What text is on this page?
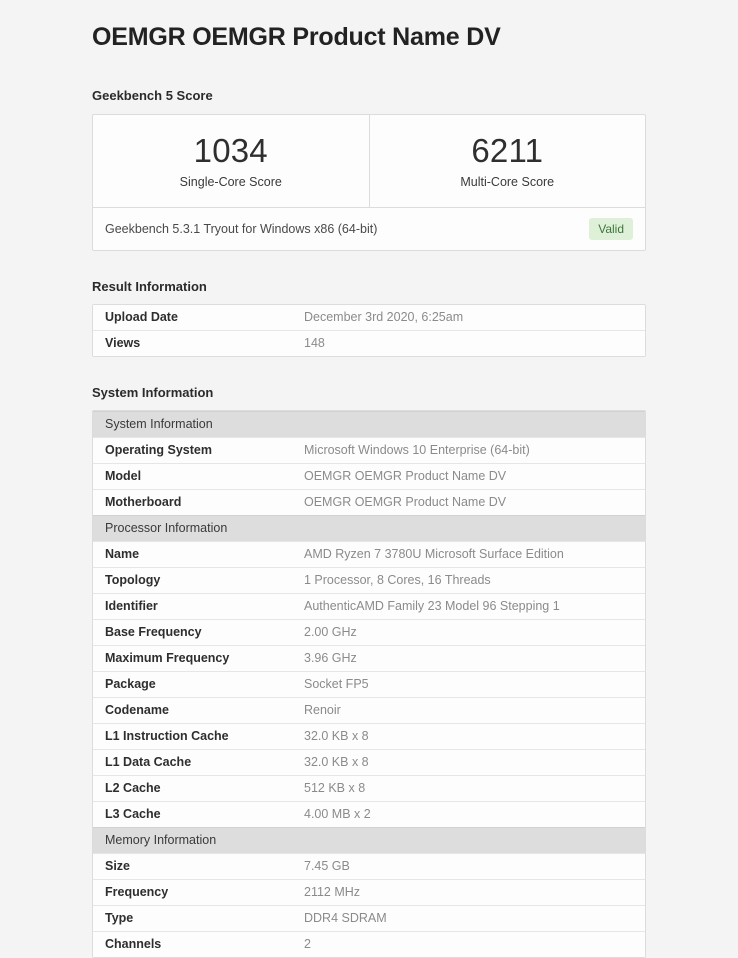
OEMGR OEMGR Product Name DV
Geekbench 5 Score
1034
Single-Core Score
6211
Multi-Core Score
Geekbench 5.3.1 Tryout for Windows x86 (64-bit)	Valid
Result Information
Upload Date	December 3rd 2020, 6:25am
Views	148
System Information
System Information
Operating System	Microsoft Windows 10 Enterprise (64-bit)
Model	OEMGR OEMGR Product Name DV
Motherboard	OEMGR OEMGR Product Name DV
Processor Information
Name	AMD Ryzen 7 3780U Microsoft Surface Edition
Topology	1 Processor, 8 Cores, 16 Threads
Identifier	AuthenticAMD Family 23 Model 96 Stepping 1
Base Frequency	2.00 GHz
Maximum Frequency	3.96 GHz
Package	Socket FP5
Codename	Renoir
L1 Instruction Cache	32.0 KB x 8
L1 Data Cache	32.0 KB x 8
L2 Cache	512 KB x 8
L3 Cache	4.00 MB x 2
Memory Information
Size	7.45 GB
Frequency	2112 MHz
Type	DDR4 SDRAM
Channels	2
